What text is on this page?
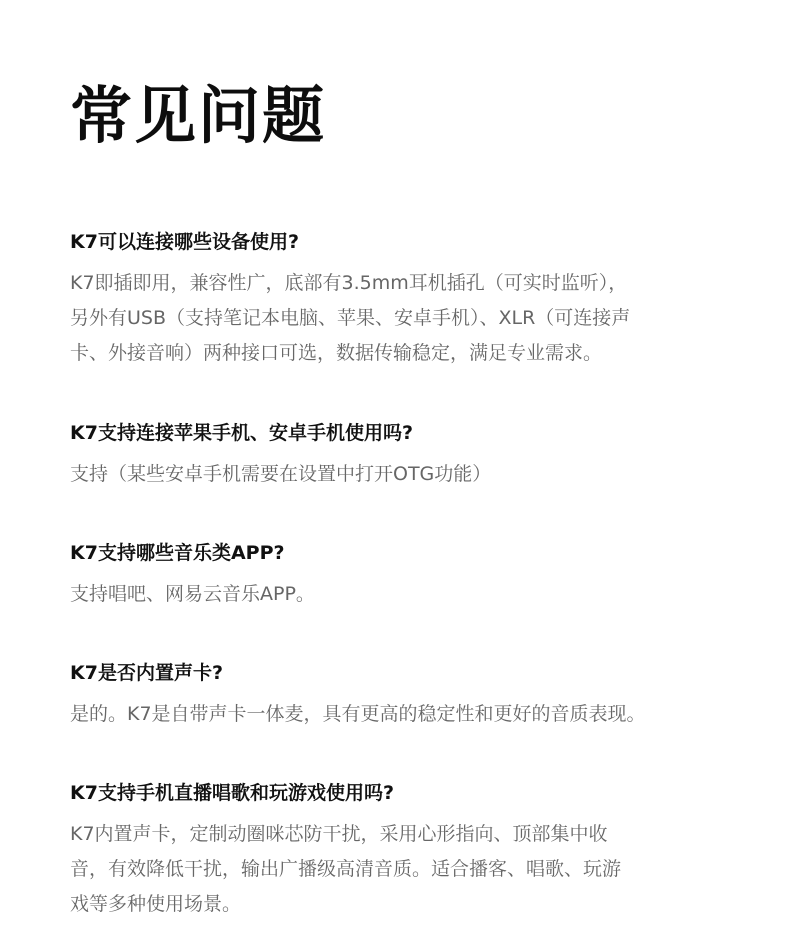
常见问题

K7可以连接哪些设备使用?

K7即插即用，兼容性广，底部有3.5mm耳机插孔（可实时监听），
另外有USB（支持笔记本电脑、苹果、安卓手机）、XLR（可连接声
卡、外接音响）两种接口可选，数据传输稳定，满足专业需求。

K7支持连接苹果手机、安卓手机使用吗?

支持（某些安卓手机需要在设置中打开OTG功能）

K7支持哪些音乐类APP?

支持唱吧、网易云音乐APP。

K7是否内置声卡?

是的。K7是自带声卡一体麦，具有更高的稳定性和更好的音质表现。

K7支持手机直播唱歌和玩游戏使用吗?

K7内置声卡，定制动圈咪芯防干扰，采用心形指向、顶部集中收
音，有效降低干扰，输出广播级高清音质。适合播客、唱歌、玩游
戏等多种使用场景。
